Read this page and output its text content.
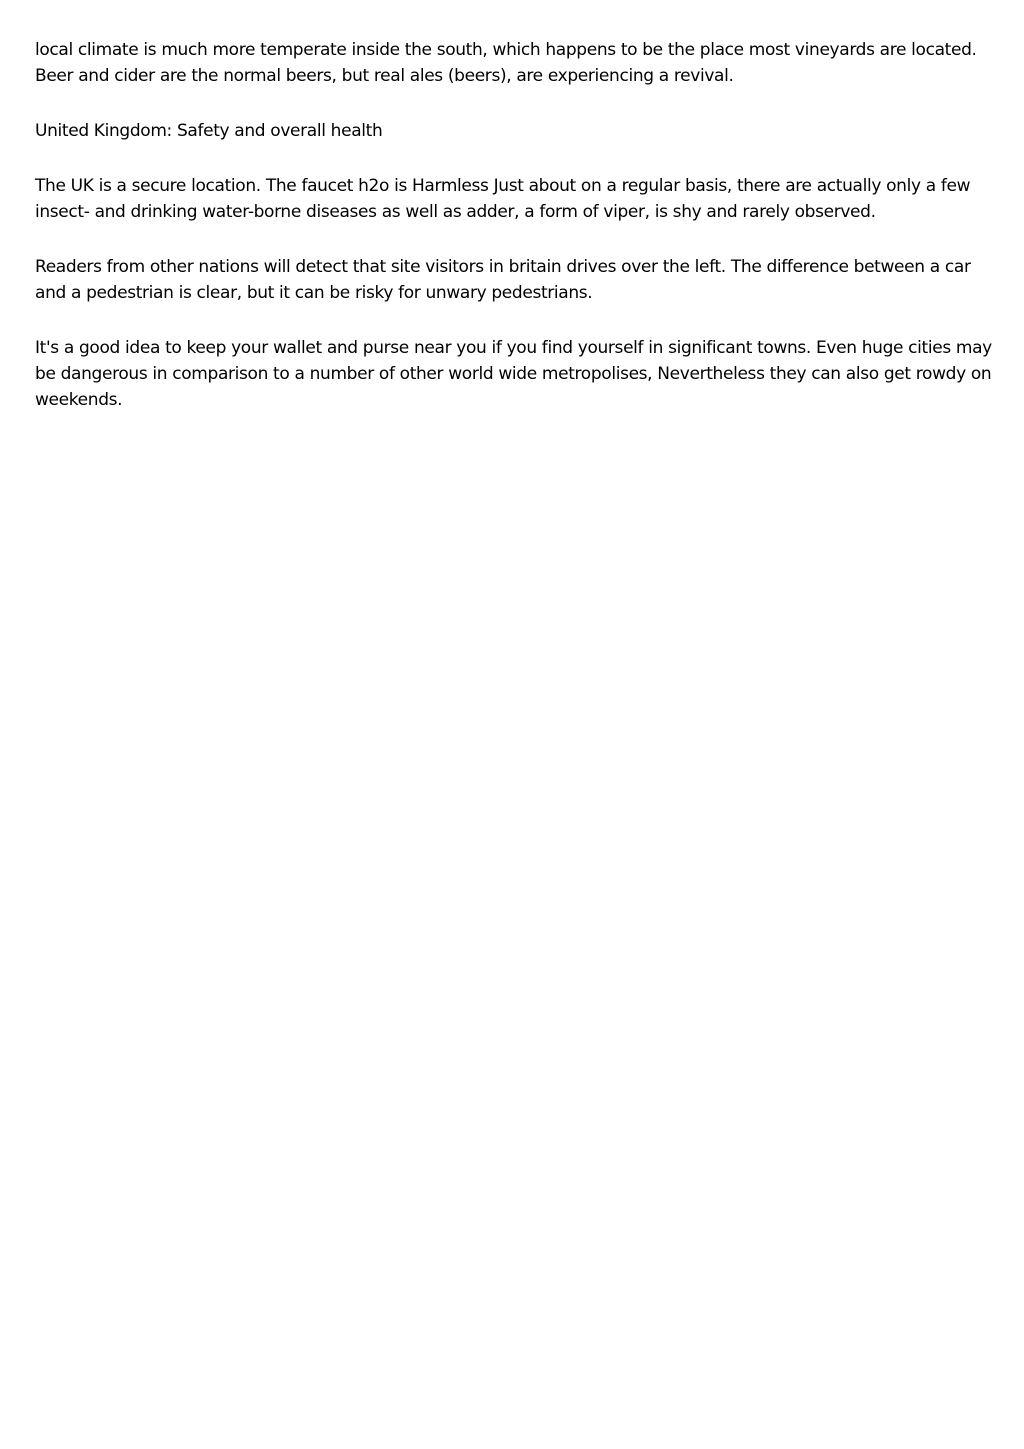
local climate is much more temperate inside the south, which happens to be the place most vineyards are located. Beer and cider are the normal beers, but real ales (beers), are experiencing a revival.

United Kingdom: Safety and overall health

The UK is a secure location. The faucet h2o is Harmless Just about on a regular basis, there are actually only a few insect- and drinking water-borne diseases as well as adder, a form of viper, is shy and rarely observed.

Readers from other nations will detect that site visitors in britain drives over the left. The difference between a car and a pedestrian is clear, but it can be risky for unwary pedestrians.

It's a good idea to keep your wallet and purse near you if you find yourself in significant towns. Even huge cities may be dangerous in comparison to a number of other world wide metropolises, Nevertheless they can also get rowdy on weekends.
